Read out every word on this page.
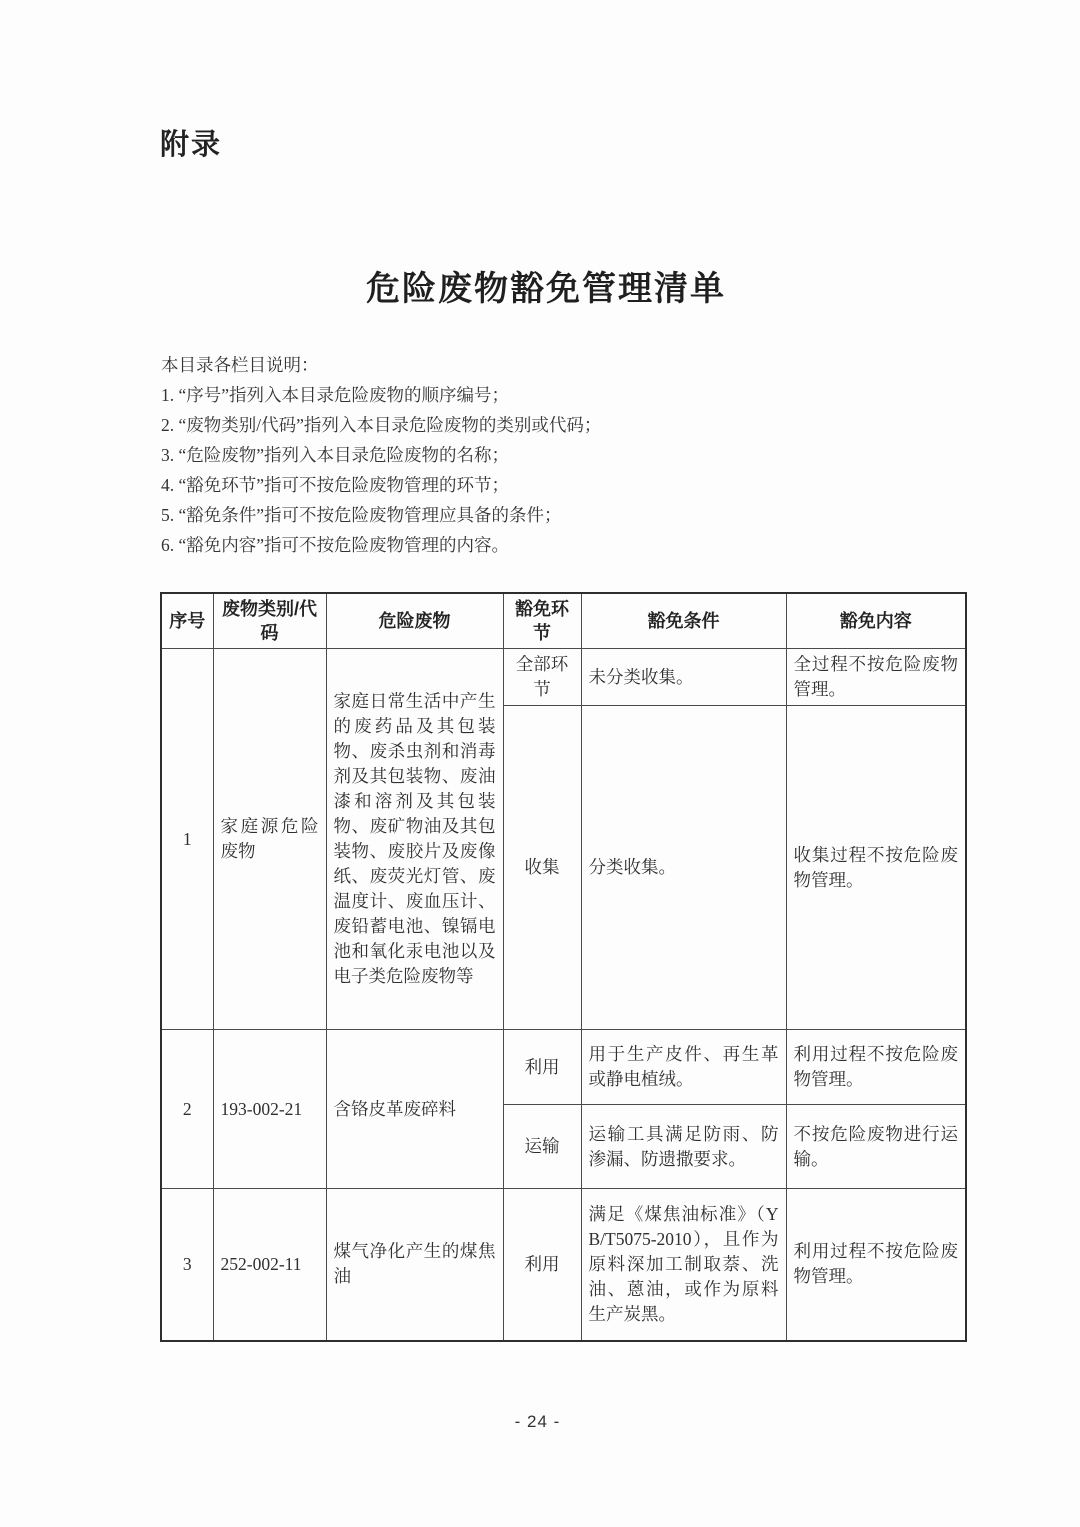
附录
危险废物豁免管理清单

本目录各栏目说明：

1. “序号”指列入本目录危险废物的顺序编号；

2. “废物类别/代码”指列入本目录危险废物的类别或代码；

3. “危险废物”指列入本目录危险废物的名称；

4. “豁免环节”指可不按危险废物管理的环节；

5. “豁免条件”指可不按危险废物管理应具备的条件；

6. “豁免内容”指可不按危险废物管理的内容。

序号	废物类别/代码	危险废物	豁免环节	豁免条件	豁免内容
1	家庭源危险废物	家庭日常生活中产生的废药品及其包装物、废杀虫剂和消毒剂及其包装物、废油漆和溶剂及其包装物、废矿物油及其包装物、废胶片及废像纸、废荧光灯管、废温度计、废血压计、废铅蓄电池、镍镉电池和氧化汞电池以及电子类危险废物等	全部环节	未分类收集。	全过程不按危险废物管理。
			收集	分类收集。	收集过程不按危险废物管理。
2	193-002-21	含铬皮革废碎料	利用	用于生产皮件、再生革或静电植绒。	利用过程不按危险废物管理。
			运输	运输工具满足防雨、防渗漏、防遗撒要求。	不按危险废物进行运输。
3	252-002-11	煤气净化产生的煤焦油	利用	满足《煤焦油标准》（YB/T5075-2010），且作为原料深加工制取萘、洗油、蒽油，或作为原料生产炭黑。	利用过程不按危险废物管理。
- 24 -
